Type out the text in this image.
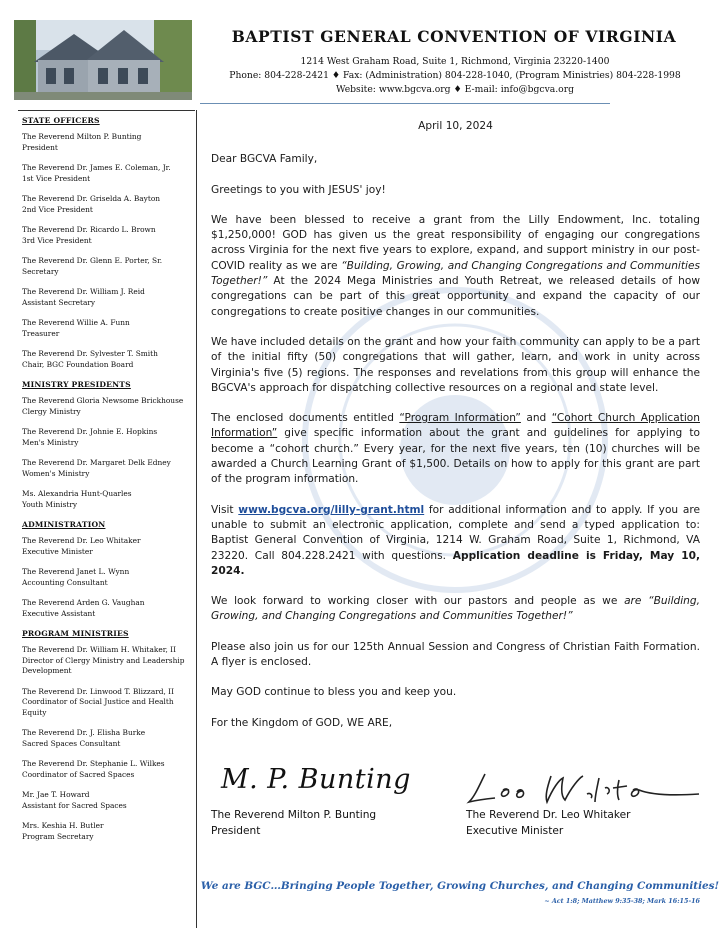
BAPTIST GENERAL CONVENTION OF VIRGINIA
1214 West Graham Road, Suite 1, Richmond, Virginia 23220-1400
Phone: 804-228-2421 ♦ Fax: (Administration) 804-228-1040, (Program Ministries) 804-228-1998
Website: www.bgcva.org ♦ E-mail: info@bgcva.org
STATE OFFICERS
The Reverend Milton P. Bunting
President
The Reverend Dr. James E. Coleman, Jr.
1st Vice President
The Reverend Dr. Griselda A. Bayton
2nd Vice President
The Reverend Dr. Ricardo L. Brown
3rd Vice President
The Reverend Dr. Glenn E. Porter, Sr.
Secretary
The Reverend Dr. William J. Reid
Assistant Secretary
The Reverend Willie A. Funn
Treasurer
The Reverend Dr. Sylvester T. Smith
Chair, BGC Foundation Board
MINISTRY PRESIDENTS
The Reverend Gloria Newsome Brickhouse
Clergy Ministry
The Reverend Dr. Johnie E. Hopkins
Men's Ministry
The Reverend Dr. Margaret Delk Edney
Women's Ministry
Ms. Alexandria Hunt-Quarles
Youth Ministry
ADMINISTRATION
The Reverend Dr. Leo Whitaker
Executive Minister
The Reverend Janet L. Wynn
Accounting Consultant
The Reverend Arden G. Vaughan
Executive Assistant
PROGRAM MINISTRIES
The Reverend Dr. William H. Whitaker, II
Director of Clergy Ministry and Leadership Development
The Reverend Dr. Linwood T. Blizzard, II
Coordinator of Social Justice and Health Equity
The Reverend Dr. J. Elisha Burke
Sacred Spaces Consultant
The Reverend Dr. Stephanie L. Wilkes
Coordinator of Sacred Spaces
Mr. Jae T. Howard
Assistant for Sacred Spaces
Mrs. Keshia H. Butler
Program Secretary
April 10, 2024
Dear BGCVA Family,
Greetings to you with JESUS' joy!
We have been blessed to receive a grant from the Lilly Endowment, Inc. totaling $1,250,000! GOD has given us the great responsibility of engaging our congregations across Virginia for the next five years to explore, expand, and support ministry in our post-COVID reality as we are “Building, Growing, and Changing Congregations and Communities Together!” At the 2024 Mega Ministries and Youth Retreat, we released details of how congregations can be part of this great opportunity and expand the capacity of our congregations to create positive changes in our communities.
We have included details on the grant and how your faith community can apply to be a part of the initial fifty (50) congregations that will gather, learn, and work in unity across Virginia's five (5) regions. The responses and revelations from this group will enhance the BGCVA's approach for dispatching collective resources on a regional and state level.
The enclosed documents entitled “Program Information” and “Cohort Church Application Information” give specific information about the grant and guidelines for applying to become a “cohort church.” Every year, for the next five years, ten (10) churches will be awarded a Church Learning Grant of $1,500. Details on how to apply for this grant are part of the program information.
Visit www.bgcva.org/lilly-grant.html for additional information and to apply. If you are unable to submit an electronic application, complete and send a typed application to: Baptist General Convention of Virginia, 1214 W. Graham Road, Suite 1, Richmond, VA 23220. Call 804.228.2421 with questions. Application deadline is Friday, May 10, 2024.
We look forward to working closer with our pastors and people as we are “Building, Growing, and Changing Congregations and Communities Together!”
Please also join us for our 125th Annual Session and Congress of Christian Faith Formation. A flyer is enclosed.
May GOD continue to bless you and keep you.
For the Kingdom of GOD, WE ARE,
M. P. Bunting	Leo Whitaker
The Reverend Milton P. Bunting
President
The Reverend Dr. Leo Whitaker
Executive Minister
We are BGC…Bringing People Together, Growing Churches, and Changing Communities!
~ Act 1:8; Matthew 9:35-38; Mark 16:15-16
